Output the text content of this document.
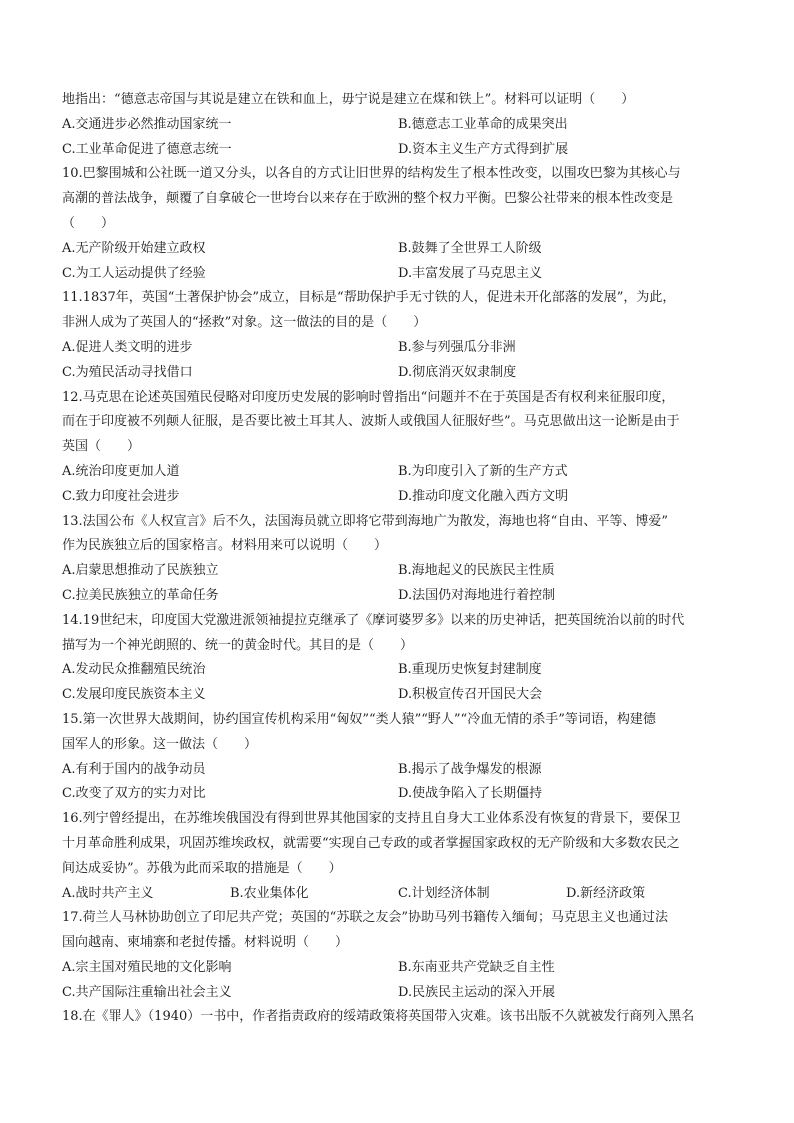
地指出：“德意志帝国与其说是建立在铁和血上，毋宁说是建立在煤和铁上”。材料可以证明（　　）
A.交通进步必然推动国家统一	B.德意志工业革命的成果突出
C.工业革命促进了德意志统一	D.资本主义生产方式得到扩展
10.巴黎围城和公社既一道又分头，以各自的方式让旧世界的结构发生了根本性改变，以围攻巴黎为其核心与
高潮的普法战争，颠覆了自拿破仑一世垮台以来存在于欧洲的整个权力平衡。巴黎公社带来的根本性改变是
（　　）
A.无产阶级开始建立政权	B.鼓舞了全世界工人阶级
C.为工人运动提供了经验	D.丰富发展了马克思主义
11.1837年，英国“土著保护协会”成立，目标是“帮助保护手无寸铁的人，促进未开化部落的发展”，为此，
非洲人成为了英国人的“拯救”对象。这一做法的目的是（　　）
A.促进人类文明的进步	B.参与列强瓜分非洲
C.为殖民活动寻找借口	D.彻底消灭奴隶制度
12.马克思在论述英国殖民侵略对印度历史发展的影响时曾指出“问题并不在于英国是否有权利来征服印度，
而在于印度被不列颠人征服，是否要比被土耳其人、波斯人或俄国人征服好些”。马克思做出这一论断是由于
英国（　　）
A.统治印度更加人道	B.为印度引入了新的生产方式
C.致力印度社会进步	D.推动印度文化融入西方文明
13.法国公布《人权宣言》后不久，法国海员就立即将它带到海地广为散发，海地也将“自由、平等、博爱”
作为民族独立后的国家格言。材料用来可以说明（　　）
A.启蒙思想推动了民族独立	B.海地起义的民族民主性质
C.拉美民族独立的革命任务	D.法国仍对海地进行着控制
14.19世纪末，印度国大党激进派领袖提拉克继承了《摩诃婆罗多》以来的历史神话，把英国统治以前的时代
描写为一个神光朗照的、统一的黄金时代。其目的是（　　）
A.发动民众推翻殖民统治	B.重现历史恢复封建制度
C.发展印度民族资本主义	D.积极宣传召开国民大会
15.第一次世界大战期间，协约国宣传机构采用“匈奴”“类人猿”“野人”“冷血无情的杀手”等词语，构建德
国军人的形象。这一做法（　　）
A.有利于国内的战争动员	B.揭示了战争爆发的根源
C.改变了双方的实力对比	D.使战争陷入了长期僵持
16.列宁曾经提出，在苏维埃俄国没有得到世界其他国家的支持且自身大工业体系没有恢复的背景下，要保卫
十月革命胜利成果，巩固苏维埃政权，就需要“实现自己专政的或者掌握国家政权的无产阶级和大多数农民之
间达成妥协”。苏俄为此而采取的措施是（　　）
A.战时共产主义	B.农业集体化	C.计划经济体制	D.新经济政策
17.荷兰人马林协助创立了印尼共产党；英国的“苏联之友会”协助马列书籍传入缅甸；马克思主义也通过法
国向越南、柬埔寨和老挝传播。材料说明（　　）
A.宗主国对殖民地的文化影响	B.东南亚共产党缺乏自主性
C.共产国际注重输出社会主义	D.民族民主运动的深入开展
18.在《罪人》（1940）一书中，作者指责政府的绥靖政策将英国带入灾难。该书出版不久就被发行商列入黑名
